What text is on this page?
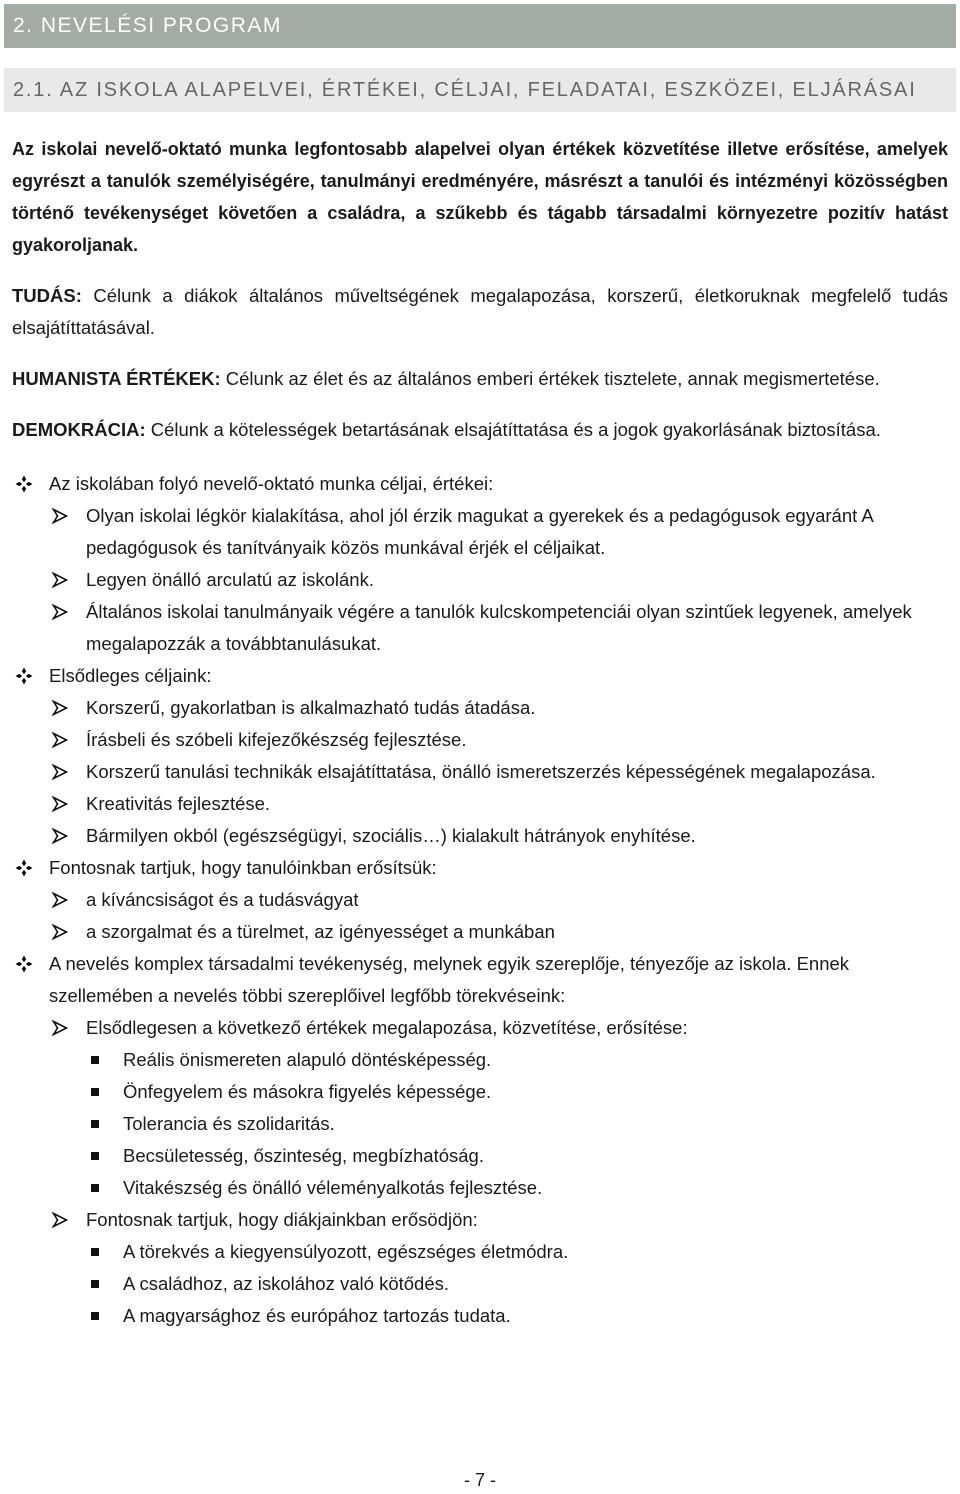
2. NEVELÉSI PROGRAM
2.1. AZ ISKOLA ALAPELVEI, ÉRTÉKEI, CÉLJAI, FELADATAI, ESZKÖZEI, ELJÁRÁSAI

Az iskolai nevelő-oktató munka legfontosabb alapelvei olyan értékek közvetítése illetve erősítése, amelyek egyrészt a tanulók személyiségére, tanulmányi eredményére, másrészt a tanulói és intézményi közösségben történő tevékenységet követően a családra, a szűkebb és tágabb társadalmi környezetre pozitív hatást gyakoroljanak.

TUDÁS: Célunk a diákok általános műveltségének megalapozása, korszerű, életkoruknak megfelelő tudás elsajátíttatásával.

HUMANISTA ÉRTÉKEK: Célunk az élet és az általános emberi értékek tisztelete, annak megismertetése.

DEMOKRÁCIA: Célunk a kötelességek betartásának elsajátíttatása és a jogok gyakorlásának biztosítása.

Az iskolában folyó nevelő-oktató munka céljai, értékei:
Olyan iskolai légkör kialakítása, ahol jól érzik magukat a gyerekek és a pedagógusok egyaránt A pedagógusok és tanítványaik közös munkával érjék el céljaikat.
Legyen önálló arculatú az iskolánk.
Általános iskolai tanulmányaik végére a tanulók kulcskompetenciái olyan szintűek legyenek, amelyek megalapozzák a továbbtanulásukat.
Elsődleges céljaink:
Korszerű, gyakorlatban is alkalmazható tudás átadása.
Írásbeli és szóbeli kifejezőkészség fejlesztése.
Korszerű tanulási technikák elsajátíttatása, önálló ismeretszerzés képességének megalapozása.
Kreativitás fejlesztése.
Bármilyen okból (egészségügyi, szociális…) kialakult hátrányok enyhítése.
Fontosnak tartjuk, hogy tanulóinkban erősítsük:
a kíváncsiságot és a tudásvágyat
a szorgalmat és a türelmet, az igényességet a munkában
A nevelés komplex társadalmi tevékenység, melynek egyik szereplője, tényezője az iskola. Ennek szellemében a nevelés többi szereplőivel legfőbb törekvéseink:
Elsődlegesen a következő értékek megalapozása, közvetítése, erősítése:
Reális önismereten alapuló döntésképesség.
Önfegyelem és másokra figyelés képessége.
Tolerancia és szolidaritás.
Becsületesség, őszinteség, megbízhatóság.
Vitakészség és önálló véleményalkotás fejlesztése.
Fontosnak tartjuk, hogy diákjainkban erősödjön:
A törekvés a kiegyensúlyozott, egészséges életmódra.
A családhoz, az iskolához való kötődés.
A magyarsághoz és európához tartozás tudata.
- 7 -
